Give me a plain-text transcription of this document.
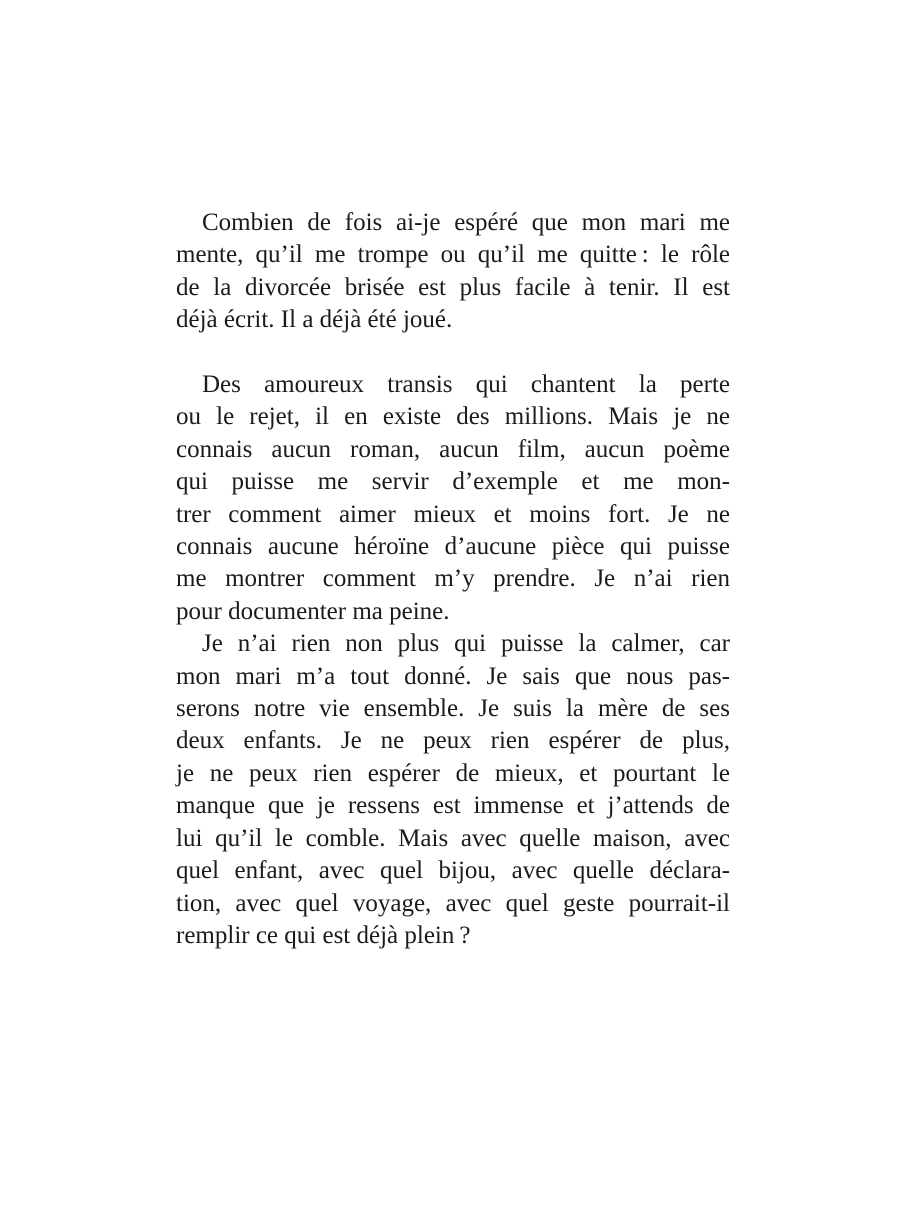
Combien de fois ai-je espéré que mon mari me
mente, qu’il me trompe ou qu’il me quitte : le rôle
de la divorcée brisée est plus facile à tenir. Il est
déjà écrit. Il a déjà été joué.
Des amoureux transis qui chantent la perte
ou le rejet, il en existe des millions. Mais je ne
connais aucun roman, aucun film, aucun poème
qui puisse me servir d’exemple et me mon-
trer comment aimer mieux et moins fort. Je ne
connais aucune héroïne d’aucune pièce qui puisse
me montrer comment m’y prendre. Je n’ai rien
pour documenter ma peine.
Je n’ai rien non plus qui puisse la calmer, car
mon mari m’a tout donné. Je sais que nous pas-
serons notre vie ensemble. Je suis la mère de ses
deux enfants. Je ne peux rien espérer de plus,
je ne peux rien espérer de mieux, et pourtant le
manque que je ressens est immense et j’attends de
lui qu’il le comble. Mais avec quelle maison, avec
quel enfant, avec quel bijou, avec quelle déclara-
tion, avec quel voyage, avec quel geste pourrait-il
remplir ce qui est déjà plein ?
